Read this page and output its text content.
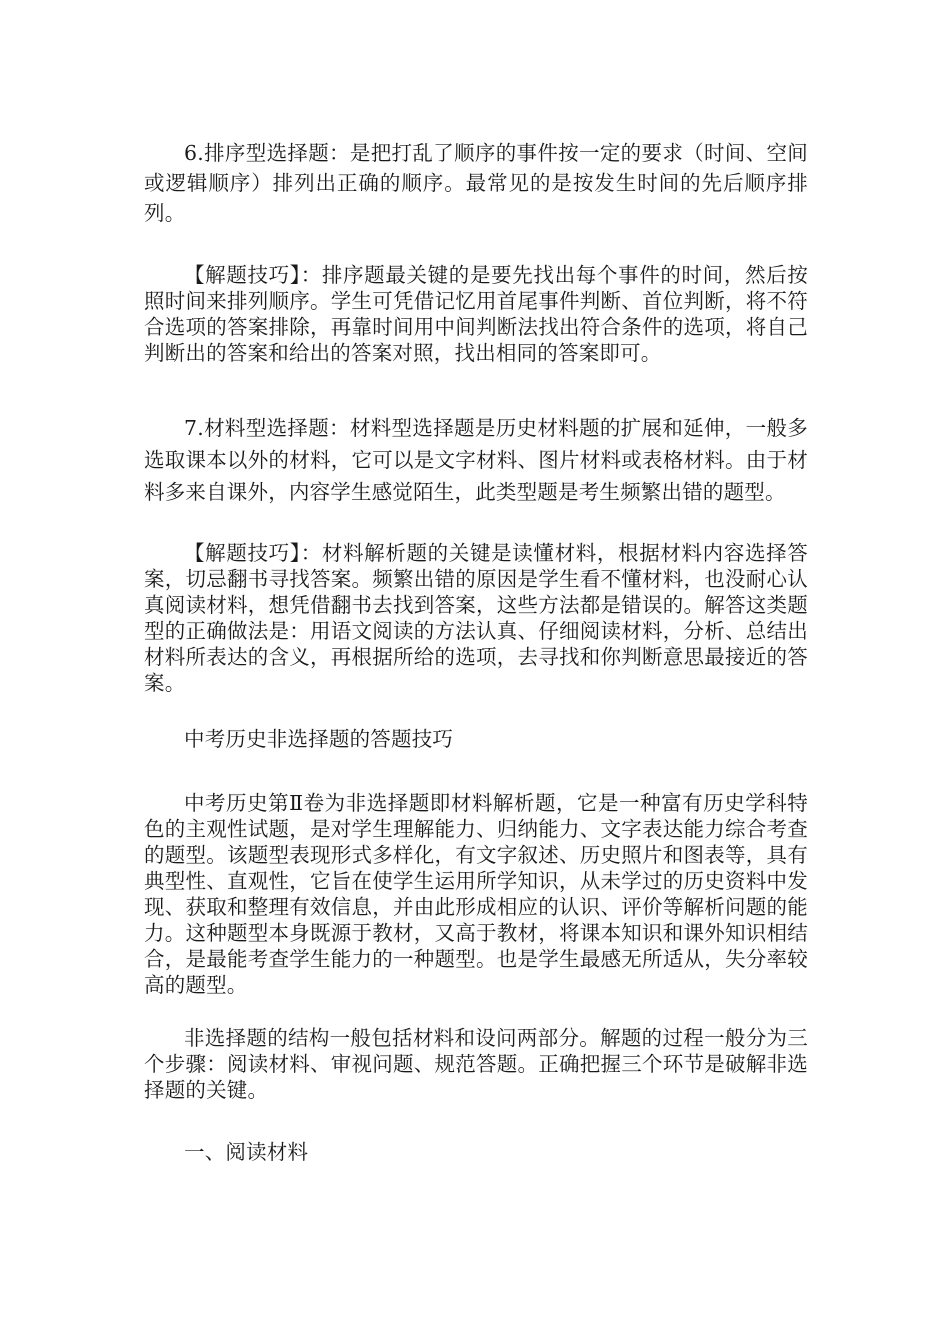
6.排序型选择题：是把打乱了顺序的事件按一定的要求（时间、空间或逻辑顺序）排列出正确的顺序。最常见的是按发生时间的先后顺序排列。

【解题技巧】：排序题最关键的是要先找出每个事件的时间，然后按照时间来排列顺序。学生可凭借记忆用首尾事件判断、首位判断，将不符合选项的答案排除，再靠时间用中间判断法找出符合条件的选项，将自己判断出的答案和给出的答案对照，找出相同的答案即可。

7.材料型选择题：材料型选择题是历史材料题的扩展和延伸，一般多选取课本以外的材料，它可以是文字材料、图片材料或表格材料。由于材料多来自课外，内容学生感觉陌生，此类型题是考生频繁出错的题型。

【解题技巧】：材料解析题的关键是读懂材料，根据材料内容选择答案，切忌翻书寻找答案。频繁出错的原因是学生看不懂材料，也没耐心认真阅读材料，想凭借翻书去找到答案，这些方法都是错误的。解答这类题型的正确做法是：用语文阅读的方法认真、仔细阅读材料，分析、总结出材料所表达的含义，再根据所给的选项，去寻找和你判断意思最接近的答案。

中考历史非选择题的答题技巧

中考历史第Ⅱ卷为非选择题即材料解析题，它是一种富有历史学科特色的主观性试题，是对学生理解能力、归纳能力、文字表达能力综合考查的题型。该题型表现形式多样化，有文字叙述、历史照片和图表等，具有典型性、直观性，它旨在使学生运用所学知识，从未学过的历史资料中发现、获取和整理有效信息，并由此形成相应的认识、评价等解析问题的能力。这种题型本身既源于教材，又高于教材，将课本知识和课外知识相结合，是最能考查学生能力的一种题型。也是学生最感无所适从，失分率较高的题型。

非选择题的结构一般包括材料和设问两部分。解题的过程一般分为三个步骤：阅读材料、审视问题、规范答题。正确把握三个环节是破解非选择题的关键。

一、阅读材料
